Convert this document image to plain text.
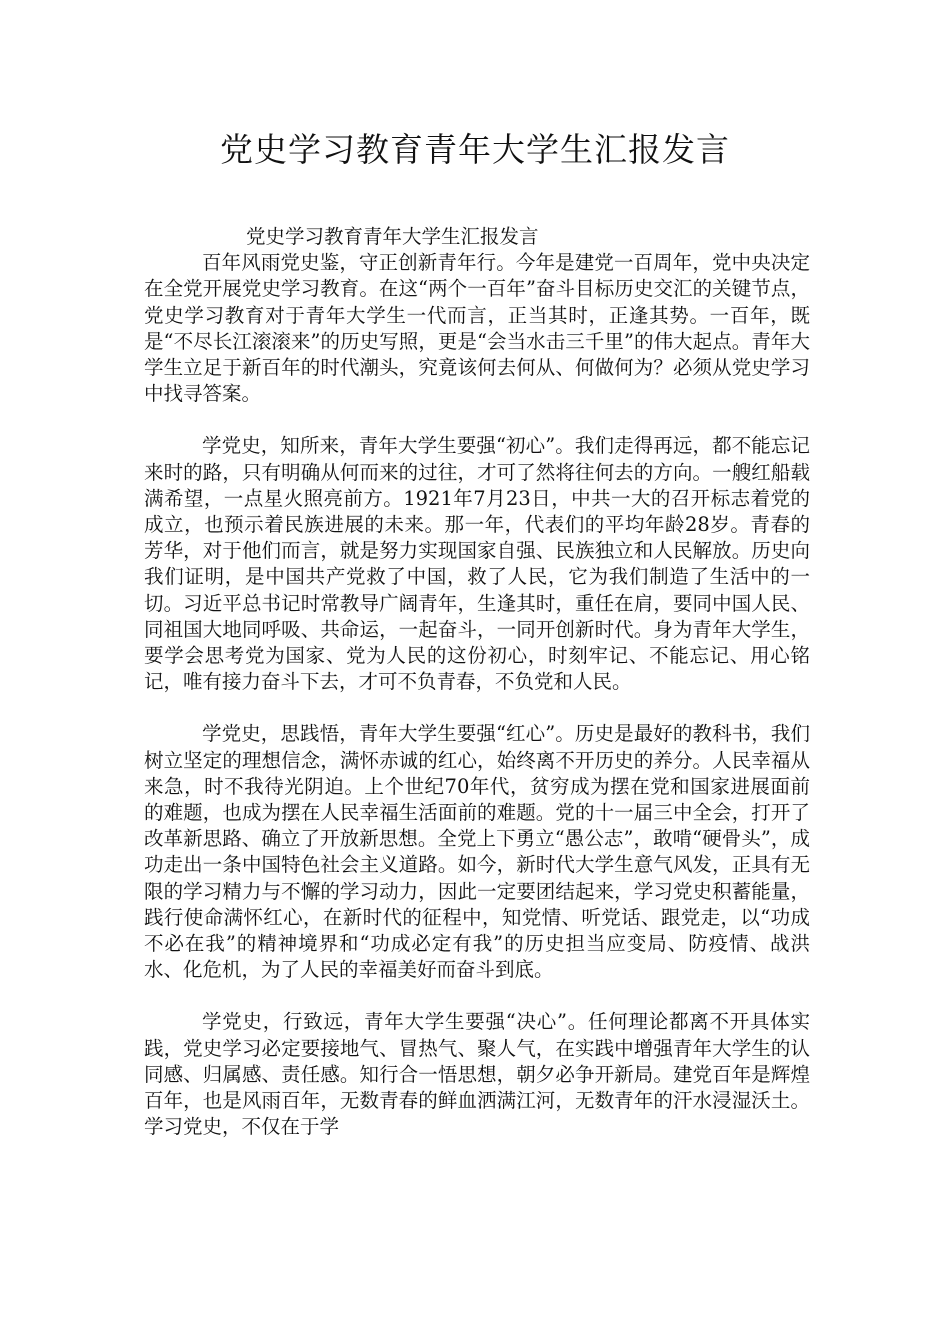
党史学习教育青年大学生汇报发言

党史学习教育青年大学生汇报发言

百年风雨党史鉴，守正创新青年行。今年是建党一百周年，党中央决定在全党开展党史学习教育。在这“两个一百年”奋斗目标历史交汇的关键节点，党史学习教育对于青年大学生一代而言，正当其时，正逢其势。一百年，既是“不尽长江滚滚来”的历史写照，更是“会当水击三千里”的伟大起点。青年大学生立足于新百年的时代潮头，究竟该何去何从、何做何为？必须从党史学习中找寻答案。

学党史，知所来，青年大学生要强“初心”。我们走得再远，都不能忘记来时的路，只有明确从何而来的过往，才可了然将往何去的方向。一艘红船载满希望，一点星火照亮前方。1921年7月23日，中共一大的召开标志着党的成立，也预示着民族进展的未来。那一年，代表们的平均年龄28岁。青春的芳华，对于他们而言，就是努力实现国家自强、民族独立和人民解放。历史向我们证明，是中国共产党救了中国，救了人民，它为我们制造了生活中的一切。习近平总书记时常教导广阔青年，生逢其时，重任在肩，要同中国人民、同祖国大地同呼吸、共命运，一起奋斗，一同开创新时代。身为青年大学生，要学会思考党为国家、党为人民的这份初心，时刻牢记、不能忘记、用心铭记，唯有接力奋斗下去，才可不负青春，不负党和人民。

学党史，思践悟，青年大学生要强“红心”。历史是最好的教科书，我们树立坚定的理想信念，满怀赤诚的红心，始终离不开历史的养分。人民幸福从来急，时不我待光阴迫。上个世纪70年代，贫穷成为摆在党和国家进展面前的难题，也成为摆在人民幸福生活面前的难题。党的十一届三中全会，打开了改革新思路、确立了开放新思想。全党上下勇立“愚公志”，敢啃“硬骨头”，成功走出一条中国特色社会主义道路。如今，新时代大学生意气风发，正具有无限的学习精力与不懈的学习动力，因此一定要团结起来，学习党史积蓄能量，践行使命满怀红心，在新时代的征程中，知党情、听党话、跟党走，以“功成不必在我”的精神境界和“功成必定有我”的历史担当应变局、防疫情、战洪水、化危机，为了人民的幸福美好而奋斗到底。

学党史，行致远，青年大学生要强“决心”。任何理论都离不开具体实践，党史学习必定要接地气、冒热气、聚人气，在实践中增强青年大学生的认同感、归属感、责任感。知行合一悟思想，朝夕必争开新局。建党百年是辉煌百年，也是风雨百年，无数青春的鲜血洒满江河，无数青年的汗水浸湿沃土。学习党史，不仅在于学
